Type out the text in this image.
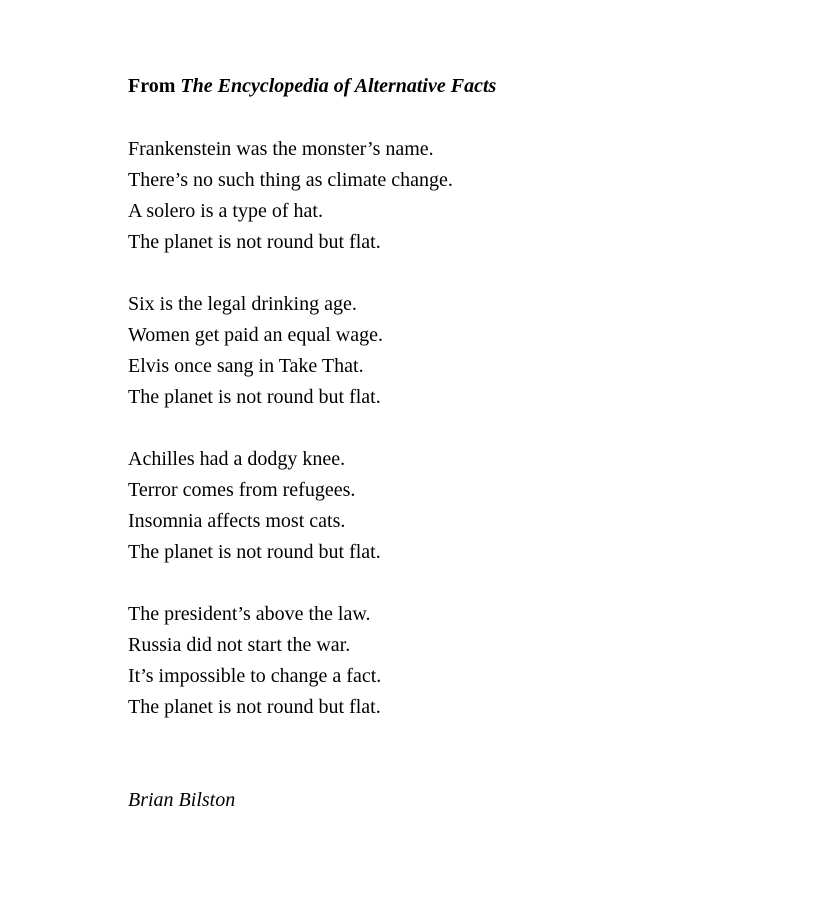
From The Encyclopedia of Alternative Facts

Frankenstein was the monster’s name.

There’s no such thing as climate change.

A solero is a type of hat.

The planet is not round but flat.

Six is the legal drinking age.

Women get paid an equal wage.

Elvis once sang in Take That.

The planet is not round but flat.

Achilles had a dodgy knee.

Terror comes from refugees.

Insomnia affects most cats.

The planet is not round but flat.

The president’s above the law.

Russia did not start the war.

It’s impossible to change a fact.

The planet is not round but flat.

Brian Bilston
